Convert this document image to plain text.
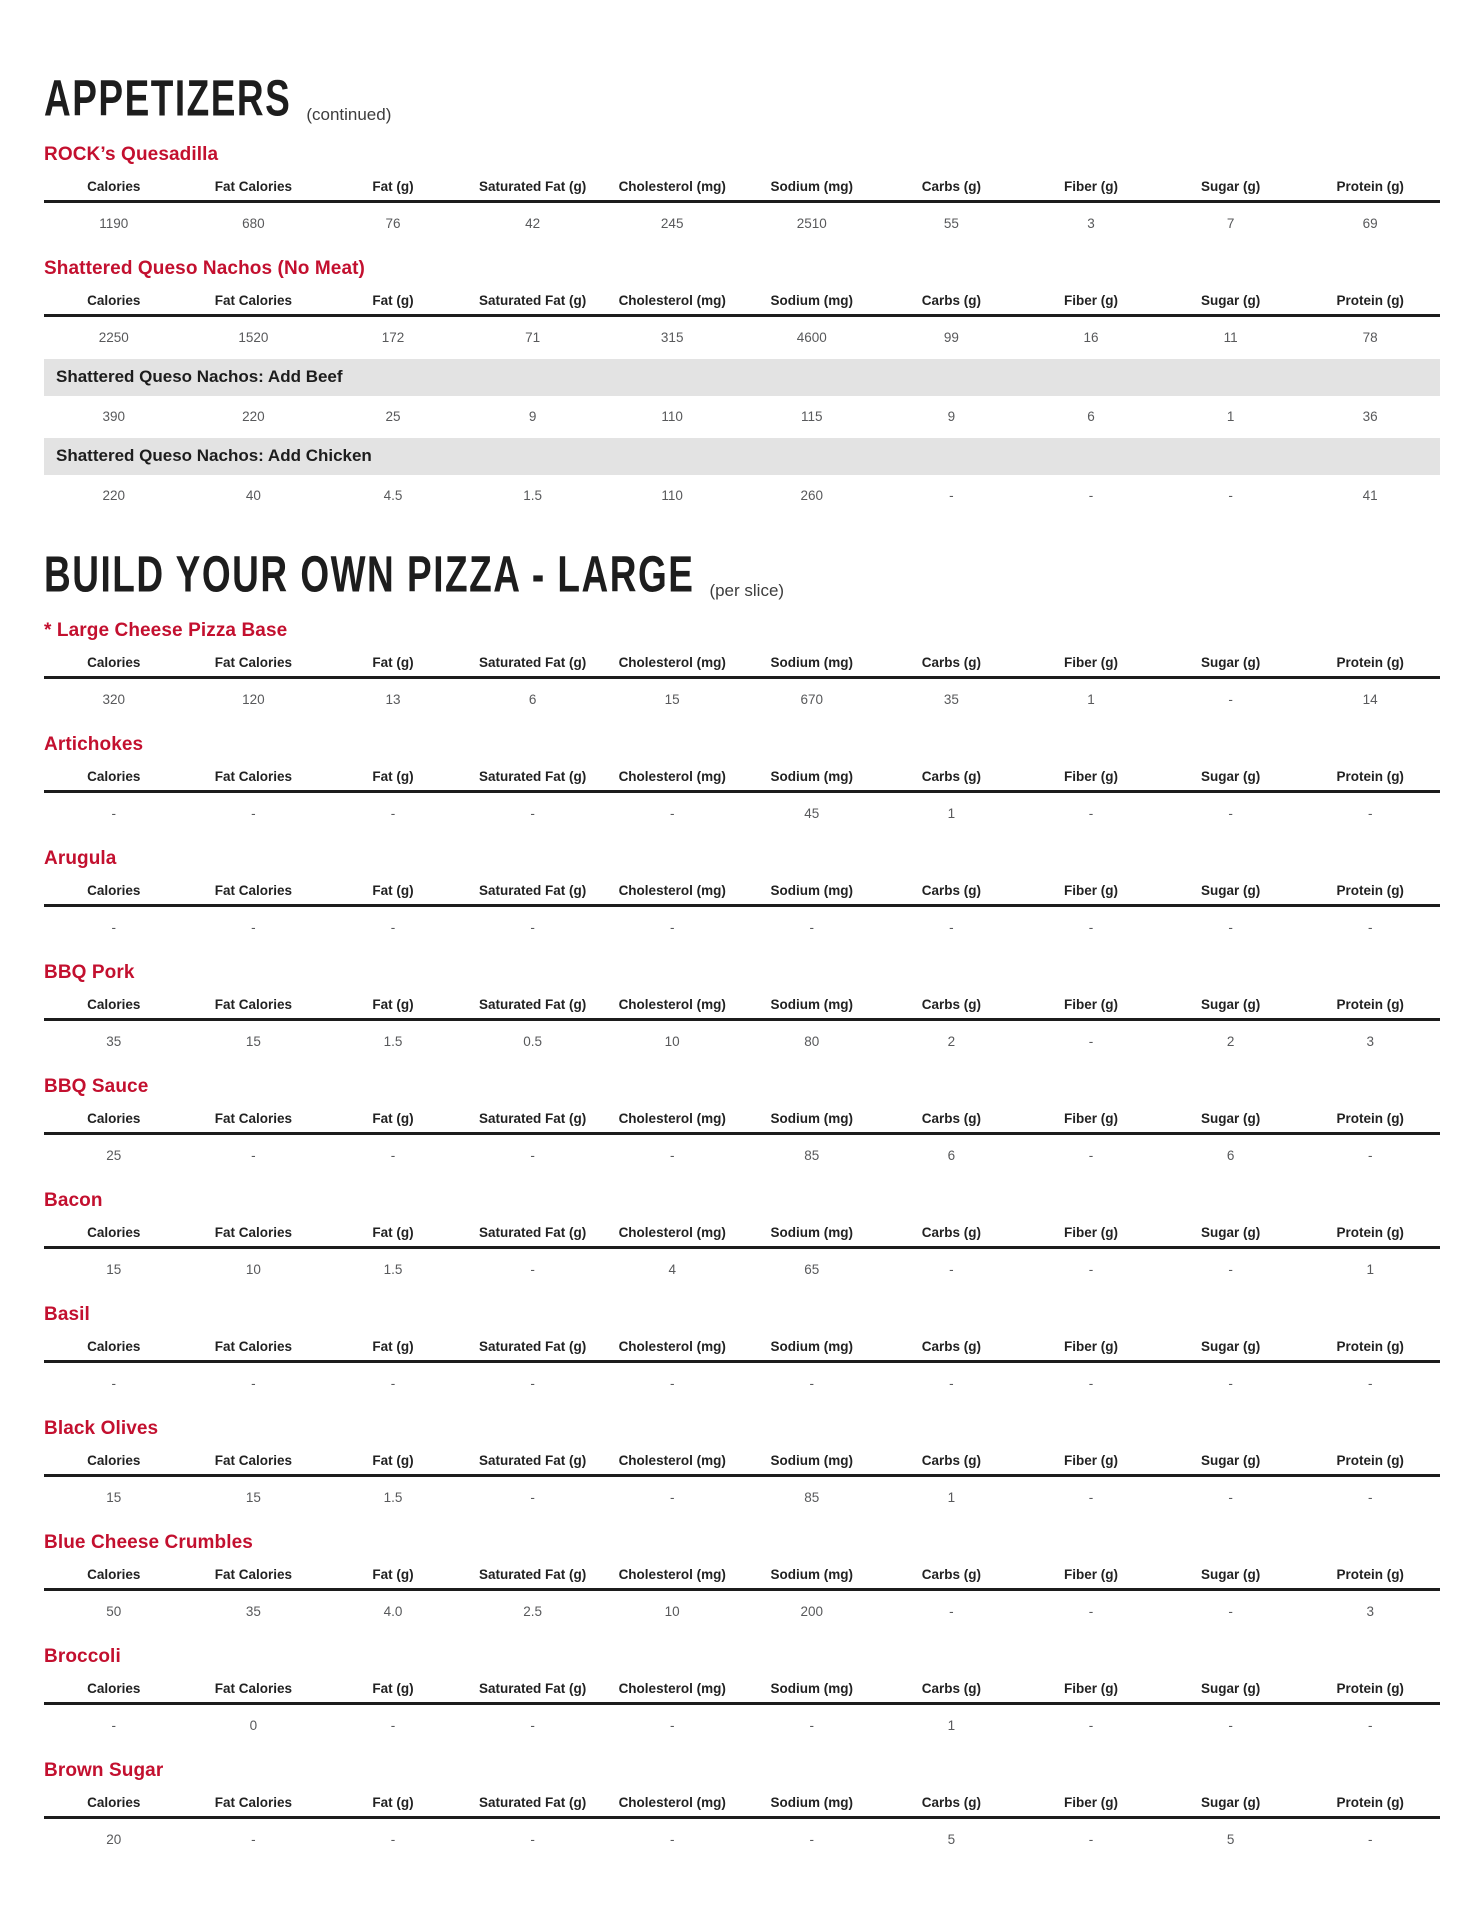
APPETIZERS (continued)
ROCK’s Quesadilla
Calories	Fat Calories	Fat (g)	Saturated Fat (g)	Cholesterol (mg)	Sodium (mg)	Carbs (g)	Fiber (g)	Sugar (g)	Protein (g)
1190	680	76	42	245	2510	55	3	7	69
Shattered Queso Nachos (No Meat)
Calories	Fat Calories	Fat (g)	Saturated Fat (g)	Cholesterol (mg)	Sodium (mg)	Carbs (g)	Fiber (g)	Sugar (g)	Protein (g)
2250	1520	172	71	315	4600	99	16	11	78
Shattered Queso Nachos: Add Beef
390	220	25	9	110	115	9	6	1	36
Shattered Queso Nachos: Add Chicken
220	40	4.5	1.5	110	260	-	-	-	41
BUILD YOUR OWN PIZZA - LARGE (per slice)
* Large Cheese Pizza Base
Calories	Fat Calories	Fat (g)	Saturated Fat (g)	Cholesterol (mg)	Sodium (mg)	Carbs (g)	Fiber (g)	Sugar (g)	Protein (g)
320	120	13	6	15	670	35	1	-	14
Artichokes
Calories	Fat Calories	Fat (g)	Saturated Fat (g)	Cholesterol (mg)	Sodium (mg)	Carbs (g)	Fiber (g)	Sugar (g)	Protein (g)
-	-	-	-	-	45	1	-	-	-
Arugula
Calories	Fat Calories	Fat (g)	Saturated Fat (g)	Cholesterol (mg)	Sodium (mg)	Carbs (g)	Fiber (g)	Sugar (g)	Protein (g)
-	-	-	-	-	-	-	-	-	-
BBQ Pork
Calories	Fat Calories	Fat (g)	Saturated Fat (g)	Cholesterol (mg)	Sodium (mg)	Carbs (g)	Fiber (g)	Sugar (g)	Protein (g)
35	15	1.5	0.5	10	80	2	-	2	3
BBQ Sauce
Calories	Fat Calories	Fat (g)	Saturated Fat (g)	Cholesterol (mg)	Sodium (mg)	Carbs (g)	Fiber (g)	Sugar (g)	Protein (g)
25	-	-	-	-	85	6	-	6	-
Bacon
Calories	Fat Calories	Fat (g)	Saturated Fat (g)	Cholesterol (mg)	Sodium (mg)	Carbs (g)	Fiber (g)	Sugar (g)	Protein (g)
15	10	1.5	-	4	65	-	-	-	1
Basil
Calories	Fat Calories	Fat (g)	Saturated Fat (g)	Cholesterol (mg)	Sodium (mg)	Carbs (g)	Fiber (g)	Sugar (g)	Protein (g)
-	-	-	-	-	-	-	-	-	-
Black Olives
Calories	Fat Calories	Fat (g)	Saturated Fat (g)	Cholesterol (mg)	Sodium (mg)	Carbs (g)	Fiber (g)	Sugar (g)	Protein (g)
15	15	1.5	-	-	85	1	-	-	-
Blue Cheese Crumbles
Calories	Fat Calories	Fat (g)	Saturated Fat (g)	Cholesterol (mg)	Sodium (mg)	Carbs (g)	Fiber (g)	Sugar (g)	Protein (g)
50	35	4.0	2.5	10	200	-	-	-	3
Broccoli
Calories	Fat Calories	Fat (g)	Saturated Fat (g)	Cholesterol (mg)	Sodium (mg)	Carbs (g)	Fiber (g)	Sugar (g)	Protein (g)
-	0	-	-	-	-	1	-	-	-
Brown Sugar
Calories	Fat Calories	Fat (g)	Saturated Fat (g)	Cholesterol (mg)	Sodium (mg)	Carbs (g)	Fiber (g)	Sugar (g)	Protein (g)
20	-	-	-	-	-	5	-	5	-
